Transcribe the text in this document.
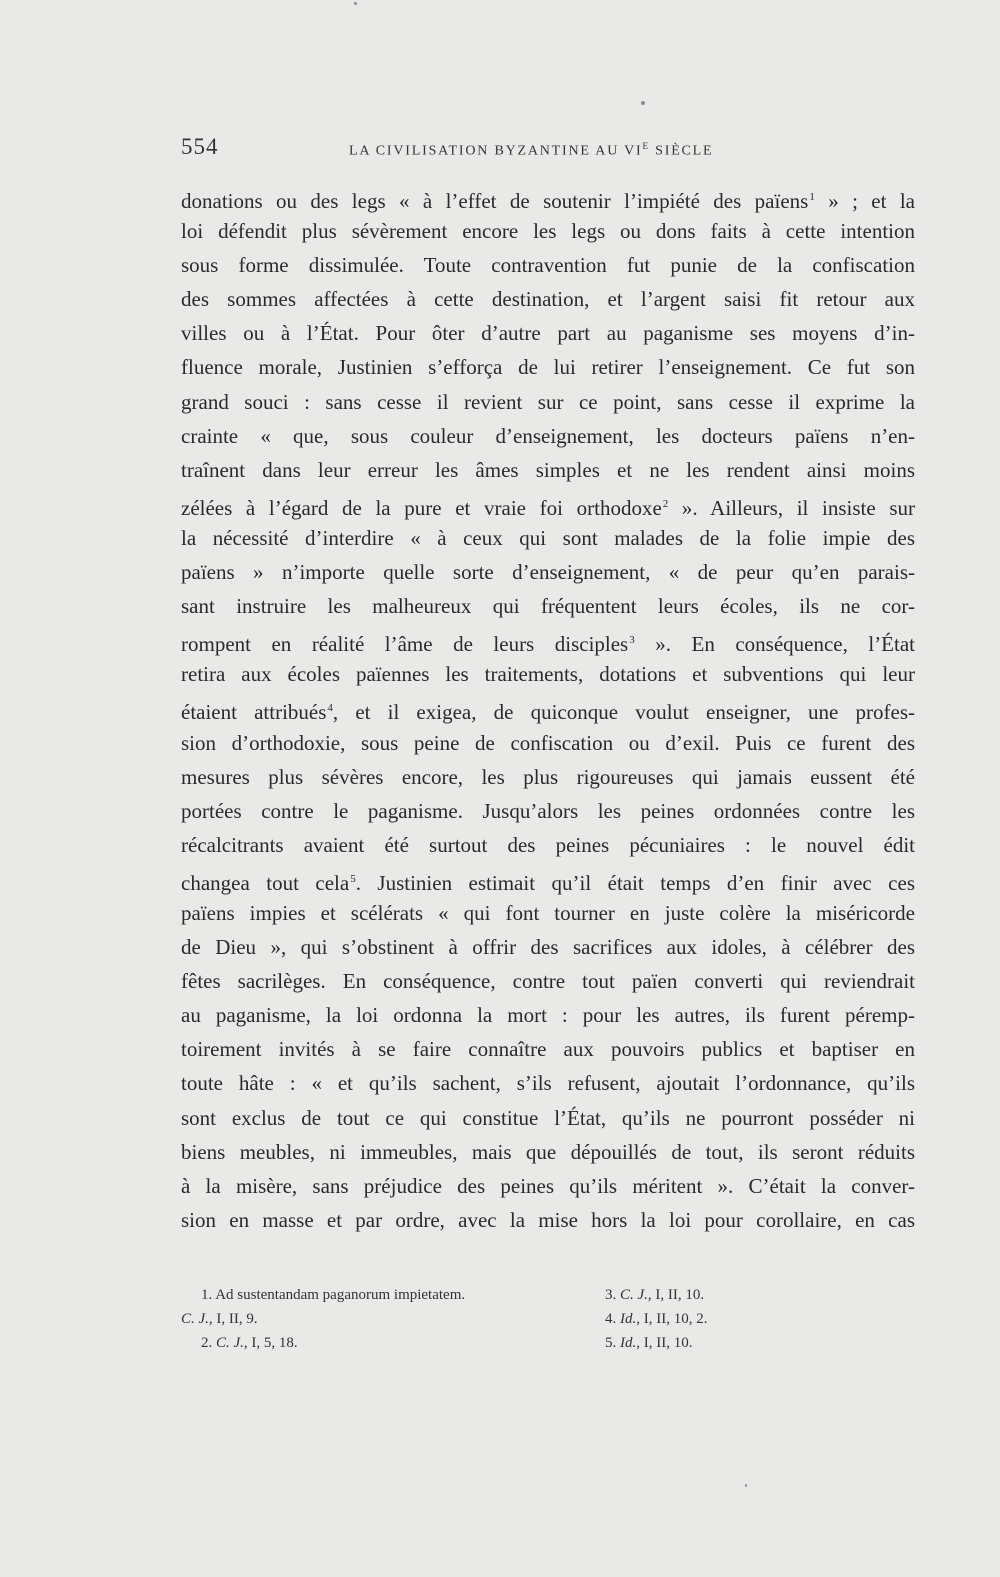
554	LA CIVILISATION BYZANTINE AU $VI^E$ SIÈCLE
donations ou des legs « à l’effet de soutenir l’impiété des païens$^1$ » ; et la
loi défendit plus sévèrement encore les legs ou dons faits à cette intention
sous forme dissimulée. Toute contravention fut punie de la confiscation
des sommes affectées à cette destination, et l’argent saisi fit retour aux
villes ou à l’État. Pour ôter d’autre part au paganisme ses moyens d’in-
fluence morale, Justinien s’efforça de lui retirer l’enseignement. Ce fut son
grand souci : sans cesse il revient sur ce point, sans cesse il exprime la
crainte « que, sous couleur d’enseignement, les docteurs païens n’en-
traînent dans leur erreur les âmes simples et ne les rendent ainsi moins
zélées à l’égard de la pure et vraie foi orthodoxe$^2$ ». Ailleurs, il insiste sur
la nécessité d’interdire « à ceux qui sont malades de la folie impie des
païens » n’importe quelle sorte d’enseignement, « de peur qu’en parais-
sant instruire les malheureux qui fréquentent leurs écoles, ils ne cor-
rompent en réalité l’âme de leurs disciples$^3$ ». En conséquence, l’État
retira aux écoles païennes les traitements, dotations et subventions qui leur
étaient attribués$^4$, et il exigea, de quiconque voulut enseigner, une profes-
sion d’orthodoxie, sous peine de confiscation ou d’exil. Puis ce furent des
mesures plus sévères encore, les plus rigoureuses qui jamais eussent été
portées contre le paganisme. Jusqu’alors les peines ordonnées contre les
récalcitrants avaient été surtout des peines pécuniaires : le nouvel édit
changea tout cela$^5$. Justinien estimait qu’il était temps d’en finir avec ces
païens impies et scélérats « qui font tourner en juste colère la miséricorde
de Dieu », qui s’obstinent à offrir des sacrifices aux idoles, à célébrer des
fêtes sacrilèges. En conséquence, contre tout païen converti qui reviendrait
au paganisme, la loi ordonna la mort : pour les autres, ils furent péremp-
toirement invités à se faire connaître aux pouvoirs publics et baptiser en
toute hâte : « et qu’ils sachent, s’ils refusent, ajoutait l’ordonnance, qu’ils
sont exclus de tout ce qui constitue l’État, qu’ils ne pourront posséder ni
biens meubles, ni immeubles, mais que dépouillés de tout, ils seront réduits
à la misère, sans préjudice des peines qu’ils méritent ». C’était la conver-
sion en masse et par ordre, avec la mise hors la loi pour corollaire, en cas
1. Ad sustentandam paganorum impietatem.
C. J., I, II, 9.
2. C. J., I, 5, 18.
3. C. J., I, II, 10.
4. Id., I, II, 10, 2.
5. Id., I, II, 10.
